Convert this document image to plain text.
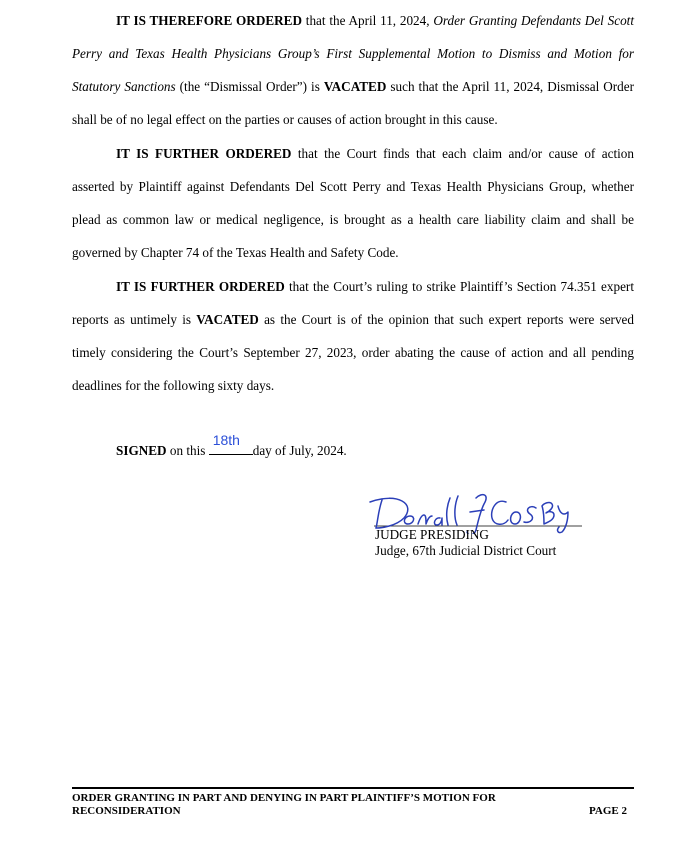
IT IS THEREFORE ORDERED that the April 11, 2024, Order Granting Defendants Del Scott Perry and Texas Health Physicians Group’s First Supplemental Motion to Dismiss and Motion for Statutory Sanctions (the “Dismissal Order”) is VACATED such that the April 11, 2024, Dismissal Order shall be of no legal effect on the parties or causes of action brought in this cause.

IT IS FURTHER ORDERED that the Court finds that each claim and/or cause of action asserted by Plaintiff against Defendants Del Scott Perry and Texas Health Physicians Group, whether plead as common law or medical negligence, is brought as a health care liability claim and shall be governed by Chapter 74 of the Texas Health and Safety Code.

IT IS FURTHER ORDERED that the Court’s ruling to strike Plaintiff’s Section 74.351 expert reports as untimely is VACATED as the Court is of the opinion that such expert reports were served timely considering the Court’s September 27, 2023, order abating the cause of action and all pending deadlines for the following sixty days.

SIGNED on this
18th
day of July, 2024.
JUDGE PRESIDING
Judge, 67th Judicial District Court
ORDER GRANTING IN PART AND DENYING IN PART PLAINTIFF’S MOTION FOR RECONSIDERATION	PAGE 2
